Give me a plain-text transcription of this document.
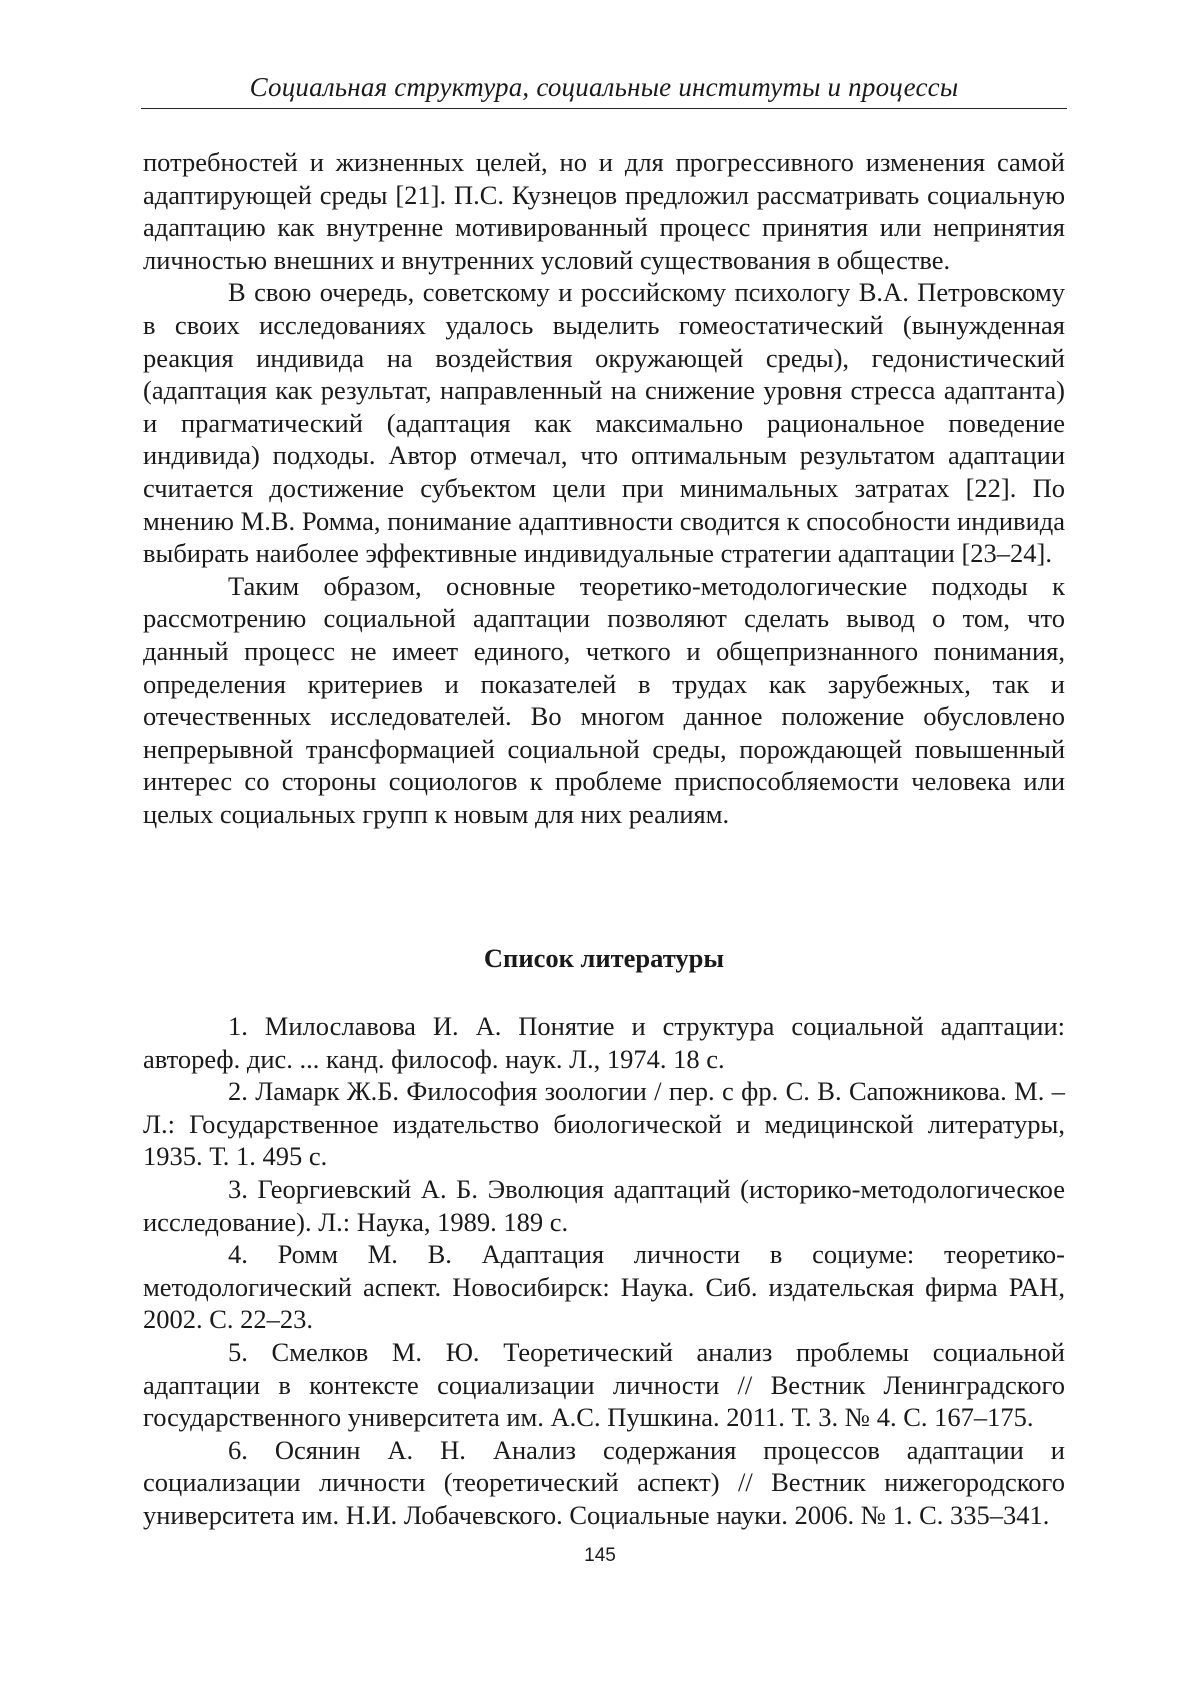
Социальная структура, социальные институты и процессы

потребностей и жизненных целей, но и для прогрессивного изменения самой адаптирующей среды [21]. П.С. Кузнецов предложил рассматривать социальную адаптацию как внутренне мотивированный процесс принятия или непринятия личностью внешних и внутренних условий существования в обществе.

В свою очередь, советскому и российскому психологу В.А. Петровскому в своих исследованиях удалось выделить гомеостатический (вынужденная реакция индивида на воздействия окружающей среды), гедонистический (адаптация как результат, направленный на снижение уровня стресса адаптанта) и прагматический (адаптация как максимально рациональное поведение индивида) подходы. Автор отмечал, что оптимальным результатом адаптации считается достижение субъектом цели при минимальных затратах [22]. По мнению М.В. Ромма, понимание адаптивности сводится к способности индивида выбирать наиболее эффективные индивидуальные стратегии адаптации [23–24].

Таким образом, основные теоретико-методологические подходы к рассмотрению социальной адаптации позволяют сделать вывод о том, что данный процесс не имеет единого, четкого и общепризнанного понимания, определения критериев и показателей в трудах как зарубежных, так и отечественных исследователей. Во многом данное положение обусловлено непрерывной трансформацией социальной среды, порождающей повышенный интерес со стороны социологов к проблеме приспособляемости человека или целых социальных групп к новым для них реалиям.

Список литературы

1. Милославова И. А. Понятие и структура социальной адаптации: автореф. дис. ... канд. философ. наук. Л., 1974. 18 с.

2. Ламарк Ж.Б. Философия зоологии / пер. с фр. С. В. Сапожникова. М. – Л.: Государственное издательство биологической и медицинской литературы, 1935. Т. 1. 495 с.

3. Георгиевский А. Б. Эволюция адаптаций (историко-методологическое исследование). Л.: Наука, 1989. 189 с.

4. Ромм М. В. Адаптация личности в социуме: теоретико-методологический аспект. Новосибирск: Наука. Сиб. издательская фирма РАН, 2002. С. 22–23.

5. Смелков М. Ю. Теоретический анализ проблемы социальной адаптации в контексте социализации личности // Вестник Ленинградского государственного университета им. А.С. Пушкина. 2011. Т. 3. № 4. С. 167–175.

6. Осянин А. Н. Анализ содержания процессов адаптации и социализации личности (теоретический аспект) // Вестник нижегородского университета им. Н.И. Лобачевского. Социальные науки. 2006. № 1. С. 335–341.

145
